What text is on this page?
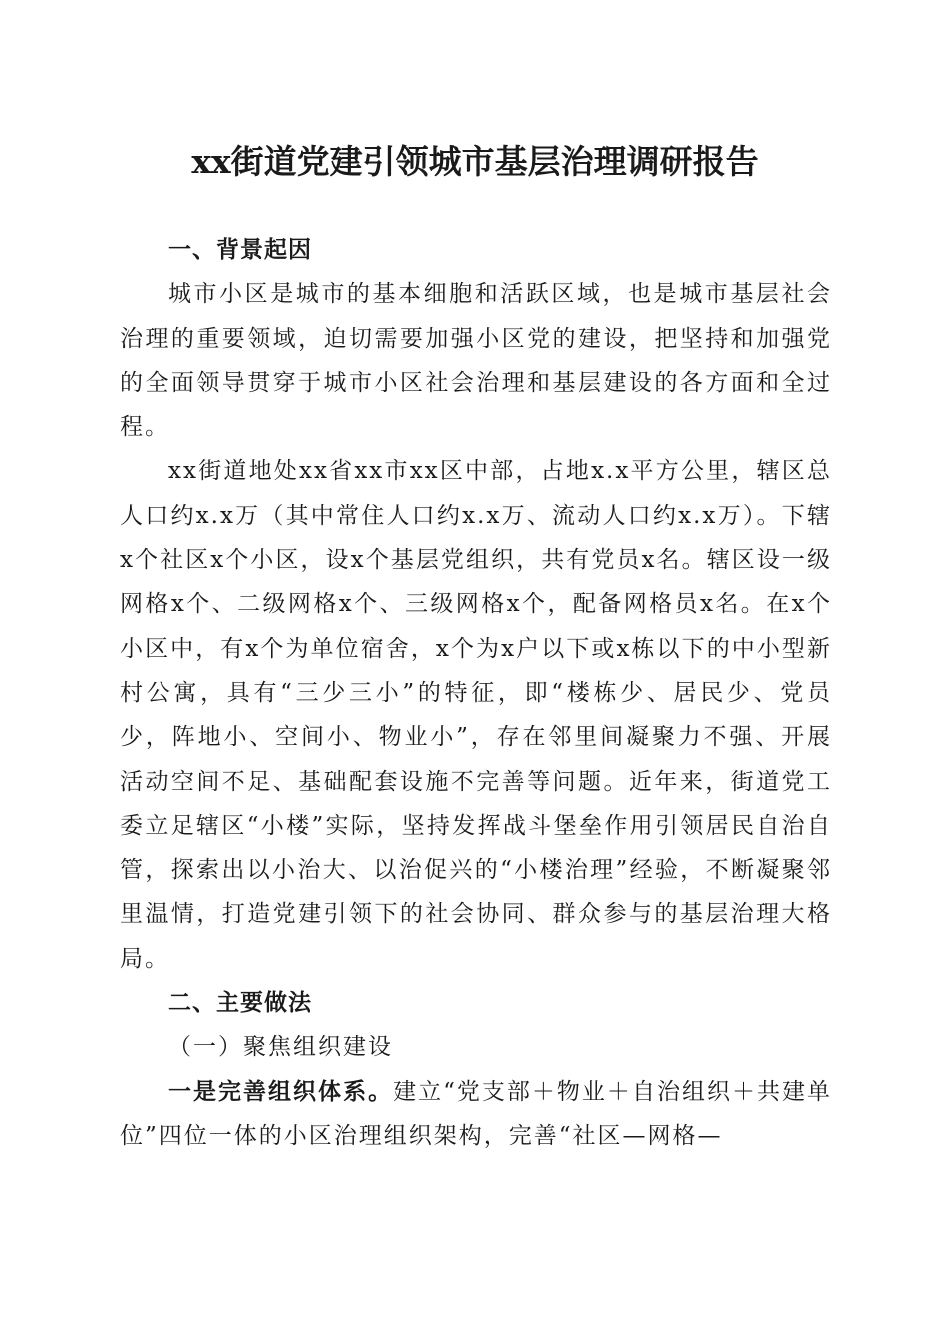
xx街道党建引领城市基层治理调研报告

一、背景起因

城市小区是城市的基本细胞和活跃区域，也是城市基层社会治理的重要领域，迫切需要加强小区党的建设，把坚持和加强党的全面领导贯穿于城市小区社会治理和基层建设的各方面和全过程。

xx街道地处xx省xx市xx区中部，占地x.x平方公里，辖区总人口约x.x万（其中常住人口约x.x万、流动人口约x.x万）。下辖x个社区x个小区，设x个基层党组织，共有党员x名。辖区设一级网格x个、二级网格x个、三级网格x个，配备网格员x名。在x个小区中，有x个为单位宿舍，x个为x户以下或x栋以下的中小型新村公寓，具有“三少三小”的特征，即“楼栋少、居民少、党员少，阵地小、空间小、物业小”，存在邻里间凝聚力不强、开展活动空间不足、基础配套设施不完善等问题。近年来，街道党工委立足辖区“小楼”实际，坚持发挥战斗堡垒作用引领居民自治自管，探索出以小治大、以治促兴的“小楼治理”经验，不断凝聚邻里温情，打造党建引领下的社会协同、群众参与的基层治理大格局。

二、主要做法

（一）聚焦组织建设

一是完善组织体系。建立“党支部＋物业＋自治组织＋共建单位”四位一体的小区治理组织架构，完善“社区—网格—
